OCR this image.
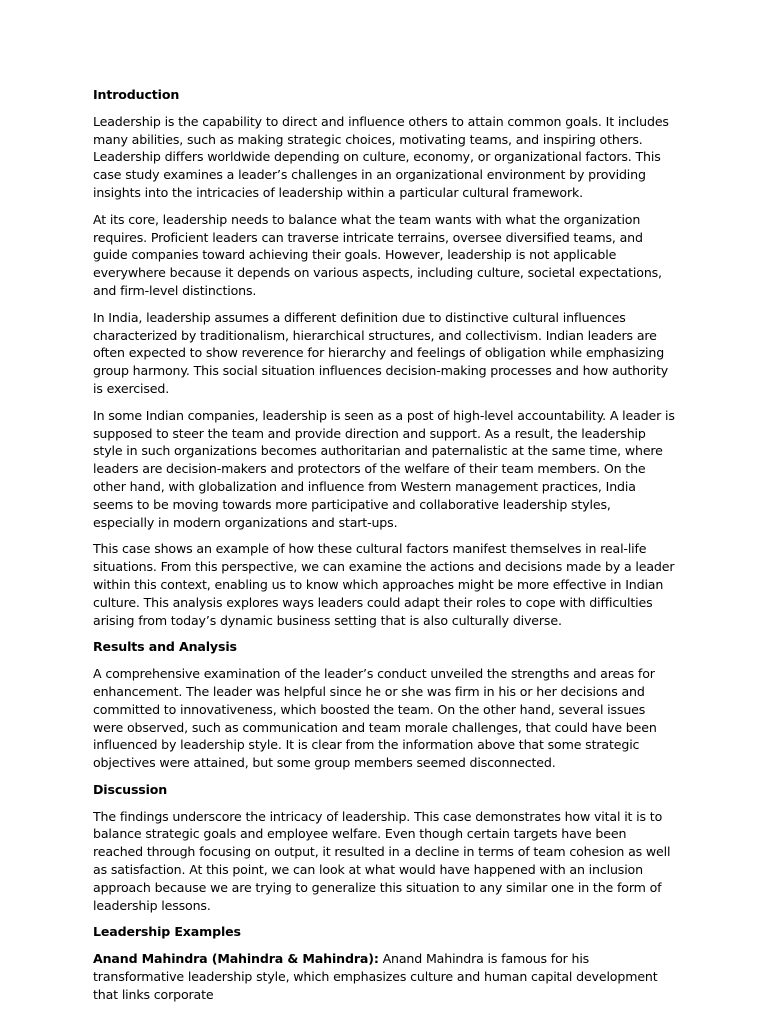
Introduction
Leadership is the capability to direct and influence others to attain common goals. It includes many abilities, such as making strategic choices, motivating teams, and inspiring others. Leadership differs worldwide depending on culture, economy, or organizational factors. This case study examines a leader’s challenges in an organizational environment by providing insights into the intricacies of leadership within a particular cultural framework.
At its core, leadership needs to balance what the team wants with what the organization requires. Proficient leaders can traverse intricate terrains, oversee diversified teams, and guide companies toward achieving their goals. However, leadership is not applicable everywhere because it depends on various aspects, including culture, societal expectations, and firm-level distinctions.
In India, leadership assumes a different definition due to distinctive cultural influences characterized by traditionalism, hierarchical structures, and collectivism. Indian leaders are often expected to show reverence for hierarchy and feelings of obligation while emphasizing group harmony. This social situation influences decision-making processes and how authority is exercised.
In some Indian companies, leadership is seen as a post of high-level accountability. A leader is supposed to steer the team and provide direction and support. As a result, the leadership style in such organizations becomes authoritarian and paternalistic at the same time, where leaders are decision-makers and protectors of the welfare of their team members. On the other hand, with globalization and influence from Western management practices, India seems to be moving towards more participative and collaborative leadership styles, especially in modern organizations and start-ups.
This case shows an example of how these cultural factors manifest themselves in real-life situations. From this perspective, we can examine the actions and decisions made by a leader within this context, enabling us to know which approaches might be more effective in Indian culture. This analysis explores ways leaders could adapt their roles to cope with difficulties arising from today’s dynamic business setting that is also culturally diverse.
Results and Analysis
A comprehensive examination of the leader’s conduct unveiled the strengths and areas for enhancement. The leader was helpful since he or she was firm in his or her decisions and committed to innovativeness, which boosted the team. On the other hand, several issues were observed, such as communication and team morale challenges, that could have been influenced by leadership style. It is clear from the information above that some strategic objectives were attained, but some group members seemed disconnected.
Discussion
The findings underscore the intricacy of leadership. This case demonstrates how vital it is to balance strategic goals and employee welfare. Even though certain targets have been reached through focusing on output, it resulted in a decline in terms of team cohesion as well as satisfaction. At this point, we can look at what would have happened with an inclusion approach because we are trying to generalize this situation to any similar one in the form of leadership lessons.
Leadership Examples
Anand Mahindra (Mahindra & Mahindra): Anand Mahindra is famous for his transformative leadership style, which emphasizes culture and human capital development that links corporate
